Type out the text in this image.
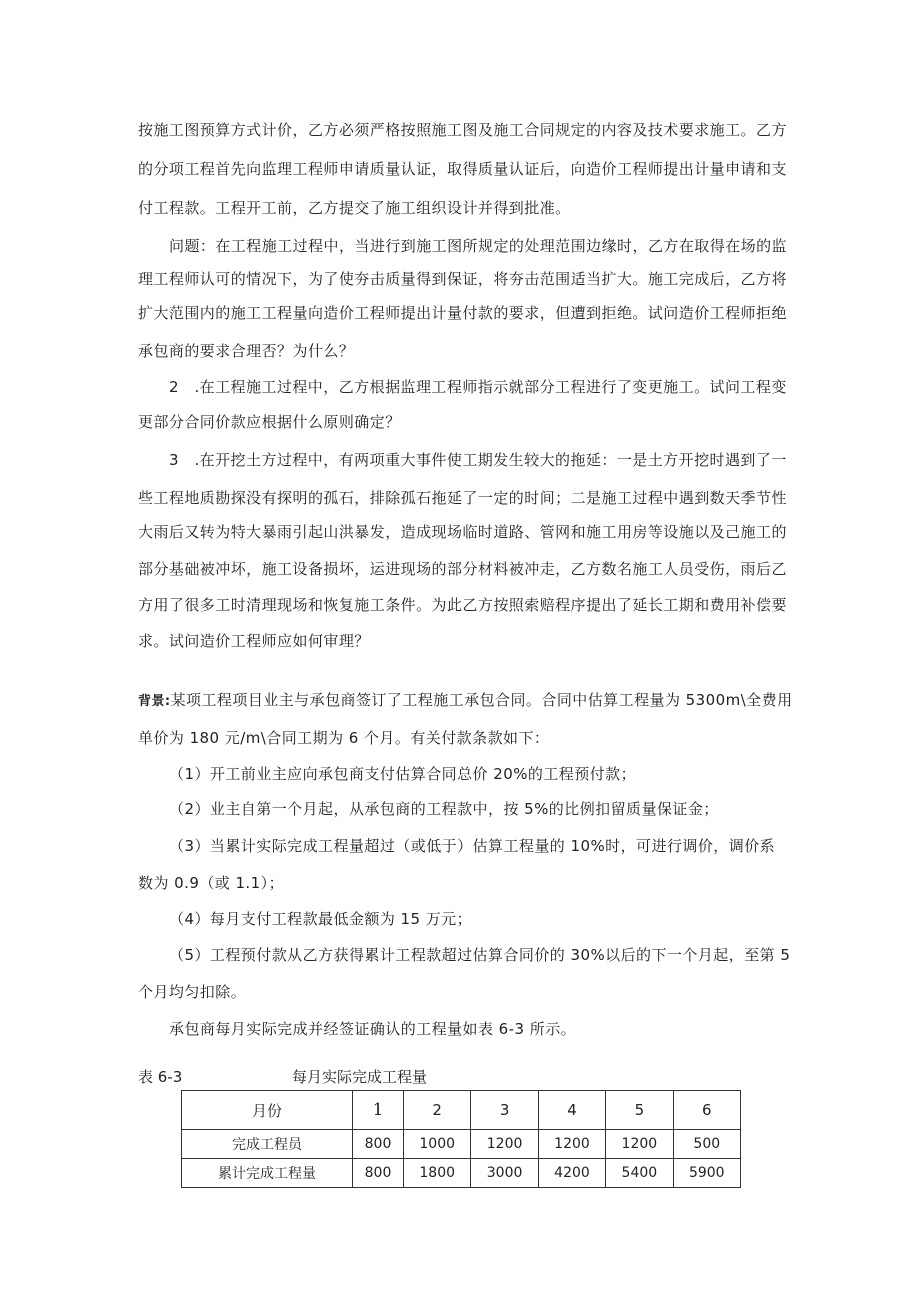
按施工图预算方式计价，乙方必须严格按照施工图及施工合同规定的内容及技术要求施工。乙方
的分项工程首先向监理工程师申请质量认证，取得质量认证后，向造价工程师提出计量申请和支
付工程款。工程开工前，乙方提交了施工组织设计并得到批准。
问题：在工程施工过程中，当进行到施工图所规定的处理范围边缘时，乙方在取得在场的监
理工程师认可的情况下，为了使夯击质量得到保证，将夯击范围适当扩大。施工完成后，乙方将
扩大范围内的施工工程量向造价工程师提出计量付款的要求，但遭到拒绝。试问造价工程师拒绝
承包商的要求合理否？为什么？
2　.在工程施工过程中，乙方根据监理工程师指示就部分工程进行了变更施工。试问工程变
更部分合同价款应根据什么原则确定？
3　.在开挖土方过程中，有两项重大事件使工期发生较大的拖延：一是土方开挖时遇到了一
些工程地质勘探没有探明的孤石，排除孤石拖延了一定的时间；二是施工过程中遇到数天季节性
大雨后又转为特大暴雨引起山洪暴发，造成现场临时道路、管网和施工用房等设施以及己施工的
部分基础被冲坏，施工设备损坏，运进现场的部分材料被冲走，乙方数名施工人员受伤，雨后乙
方用了很多工时清理现场和恢复施工条件。为此乙方按照索赔程序提出了延长工期和费用补偿要
求。试问造价工程师应如何审理？
背景:某项工程项目业主与承包商签订了工程施工承包合同。合同中估算工程量为 5300m\全费用
单价为 180 元/m\合同工期为 6 个月。有关付款条款如下：
（1）开工前业主应向承包商支付估算合同总价 20%的工程预付款；
（2）业主自第一个月起，从承包商的工程款中，按 5%的比例扣留质量保证金；
（3）当累计实际完成工程量超过（或低于）估算工程量的 10%时，可进行调价，调价系
数为 0.9（或 1.1）；
（4）每月支付工程款最低金额为 15 万元；
（5）工程预付款从乙方获得累计工程款超过估算合同价的 30%以后的下一个月起，至第 5
个月均匀扣除。
承包商每月实际完成并经签证确认的工程量如表 6-3 所示。
表 6-3	每月实际完成工程量
月份	1	2	3	4	5	6
完成工程员	800	1000	1200	1200	1200	500
累计完成工程量	800	1800	3000	4200	5400	5900
